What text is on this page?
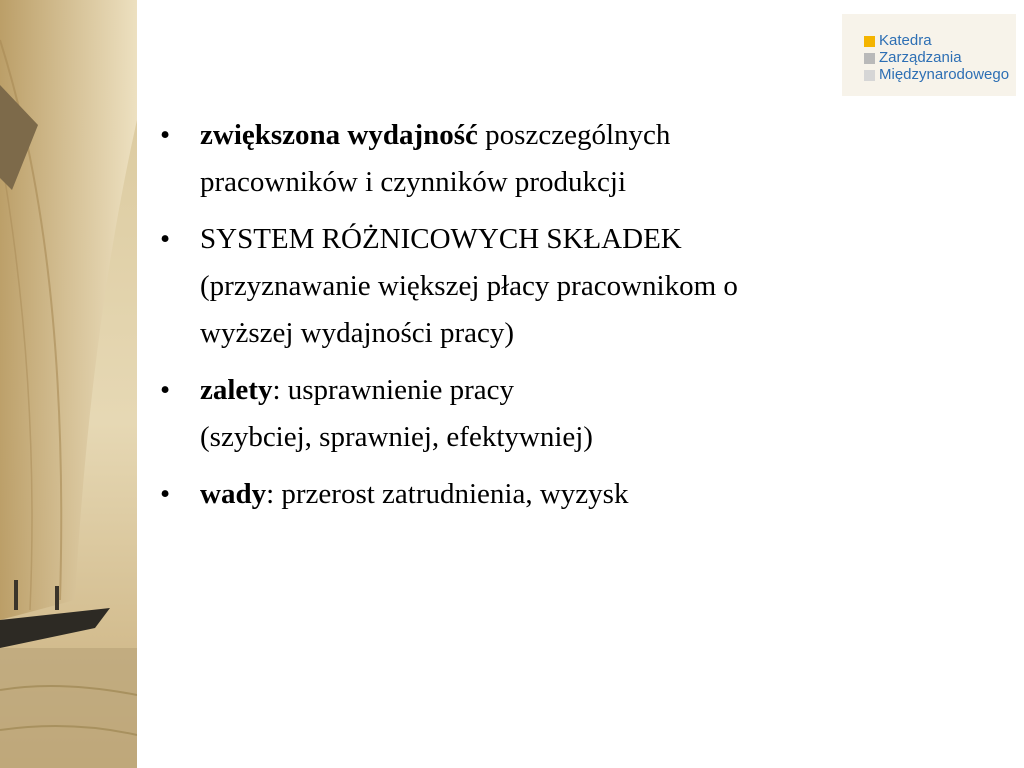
Katedra
Zarządzania
Międzynarodowego
• zwiększona wydajność poszczególnych
pracowników i czynników produkcji
• SYSTEM RÓŻNICOWYCH SKŁADEK
(przyznawanie większej płacy pracownikom o
wyższej wydajności pracy)
• zalety: usprawnienie pracy
(szybciej, sprawniej, efektywniej)
• wady: przerost zatrudnienia, wyzysk
